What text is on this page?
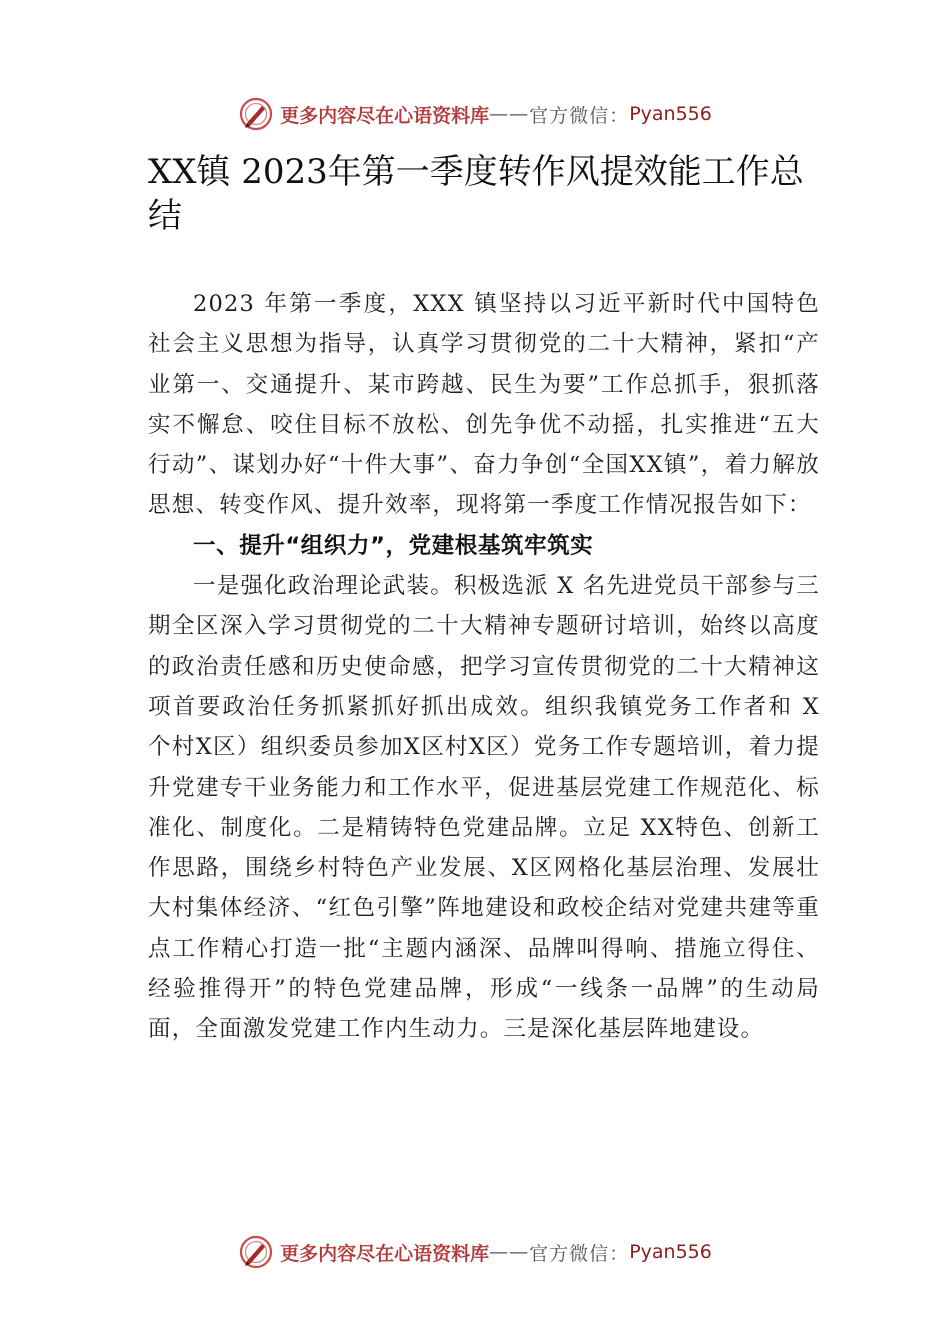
更多内容尽在心语资料库 —— 官方微信： Pyan556
XX镇 2023年第一季度转作风提效能工作总结

2023 年第一季度，XXX 镇坚持以习近平新时代中国特色社会主义思想为指导，认真学习贯彻党的二十大精神，紧扣“产业第一、交通提升、某市跨越、民生为要”工作总抓手，狠抓落实不懈怠、咬住目标不放松、创先争优不动摇，扎实推进“五大行动”、谋划办好“十件大事”、奋力争创“全国XX镇”，着力解放思想、转变作风、提升效率，现将第一季度工作情况报告如下：

一、提升“组织力”，党建根基筑牢筑实

一是强化政治理论武装。积极选派 X 名先进党员干部参与三期全区深入学习贯彻党的二十大精神专题研讨培训，始终以高度的政治责任感和历史使命感，把学习宣传贯彻党的二十大精神这项首要政治任务抓紧抓好抓出成效。组织我镇党务工作者和 X 个村X区）组织委员参加X区村X区）党务工作专题培训，着力提升党建专干业务能力和工作水平，促进基层党建工作规范化、标准化、制度化。二是精铸特色党建品牌。立足 XX特色、创新工作思路，围绕乡村特色产业发展、X区网格化基层治理、发展壮大村集体经济、“红色引擎”阵地建设和政校企结对党建共建等重点工作精心打造一批“主题内涵深、品牌叫得响、措施立得住、经验推得开”的特色党建品牌，形成“一线条一品牌”的生动局面，全面激发党建工作内生动力。三是深化基层阵地建设。

更多内容尽在心语资料库 —— 官方微信： Pyan556
